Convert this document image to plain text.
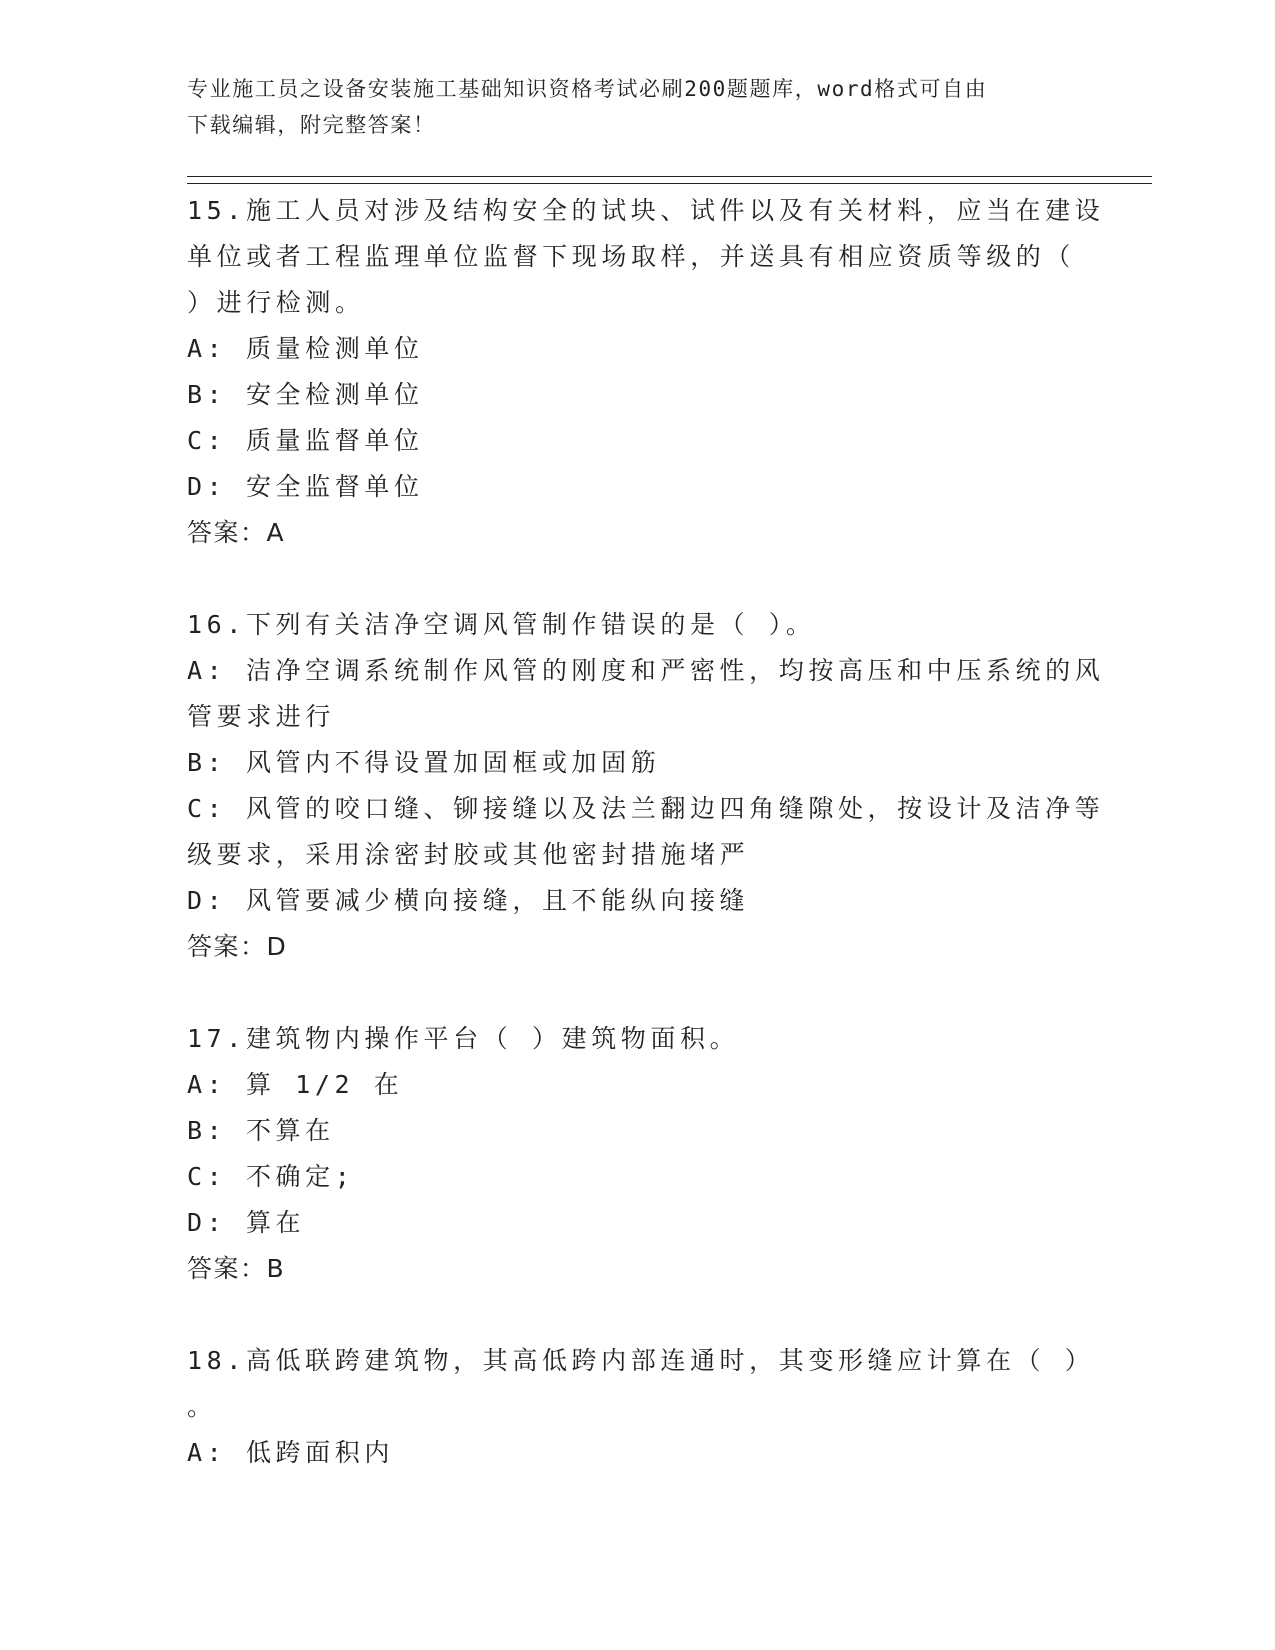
专业施工员之设备安装施工基础知识资格考试必刷200题题库，word格式可自由
下载编辑，附完整答案！

15.施工人员对涉及结构安全的试块、试件以及有关材料，应当在建设

单位或者工程监理单位监督下现场取样，并送具有相应资质等级的（

）进行检测。

A: 质量检测单位

B: 安全检测单位

C: 质量监督单位

D: 安全监督单位

答案：A

16.下列有关洁净空调风管制作错误的是（ ）。

A: 洁净空调系统制作风管的刚度和严密性，均按高压和中压系统的风

管要求进行

B: 风管内不得设置加固框或加固筋

C: 风管的咬口缝、铆接缝以及法兰翻边四角缝隙处，按设计及洁净等

级要求，采用涂密封胶或其他密封措施堵严

D: 风管要减少横向接缝，且不能纵向接缝

答案：D

17.建筑物内操作平台（ ）建筑物面积。

A: 算 1/2 在

B: 不算在

C: 不确定;

D: 算在

答案：B

18.高低联跨建筑物，其高低跨内部连通时，其变形缝应计算在（ ）

。

A: 低跨面积内
